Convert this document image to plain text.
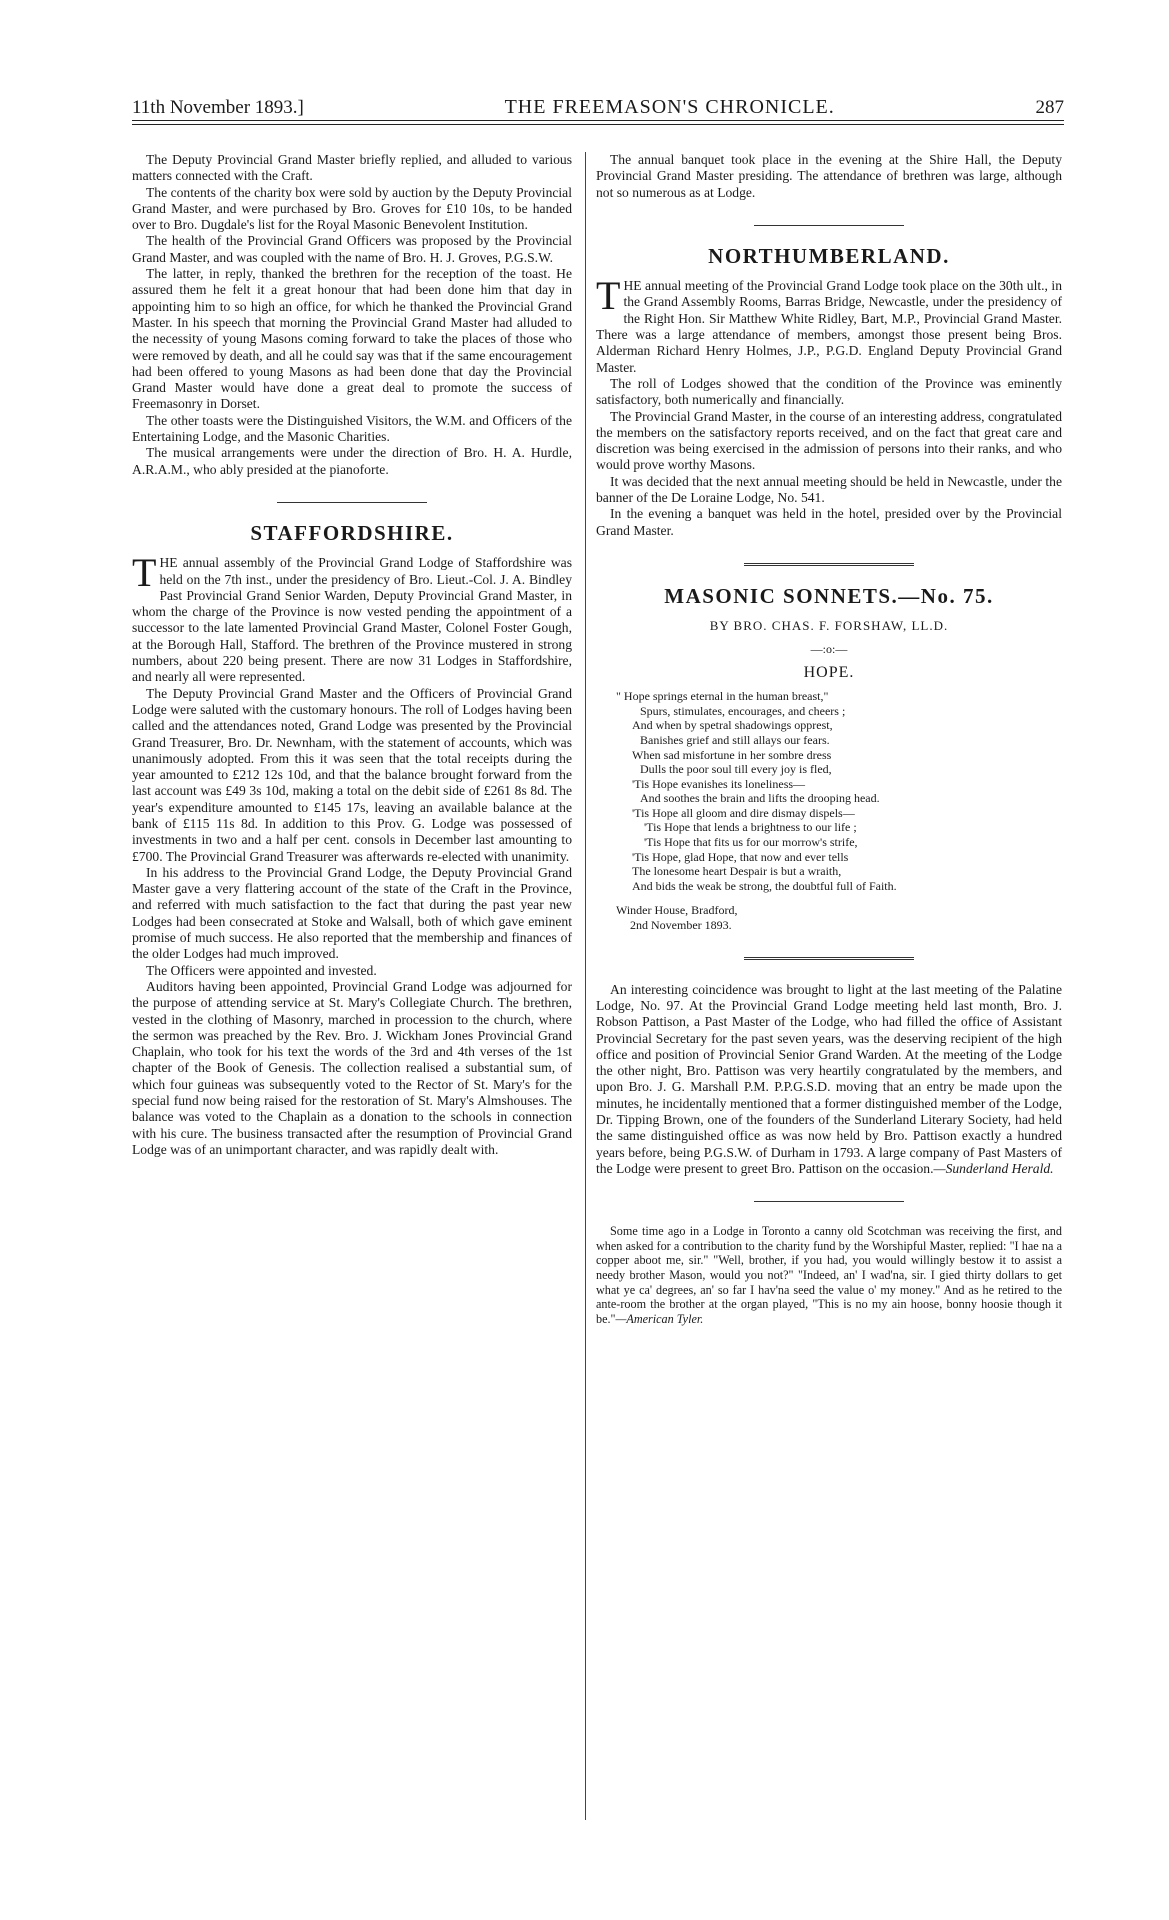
11th November 1893.]	THE FREEMASON'S CHRONICLE.	287

The Deputy Provincial Grand Master briefly replied, and alluded to various matters connected with the Craft.

The contents of the charity box were sold by auction by the Deputy Provincial Grand Master, and were purchased by Bro. Groves for £10 10s, to be handed over to Bro. Dugdale's list for the Royal Masonic Benevolent Institution.

The health of the Provincial Grand Officers was proposed by the Provincial Grand Master, and was coupled with the name of Bro. H. J. Groves, P.G.S.W.

The latter, in reply, thanked the brethren for the reception of the toast. He assured them he felt it a great honour that had been done him that day in appointing him to so high an office, for which he thanked the Provincial Grand Master. In his speech that morning the Provincial Grand Master had alluded to the necessity of young Masons coming forward to take the places of those who were removed by death, and all he could say was that if the same encouragement had been offered to young Masons as had been done that day the Provincial Grand Master would have done a great deal to promote the success of Freemasonry in Dorset.

The other toasts were the Distinguished Visitors, the W.M. and Officers of the Entertaining Lodge, and the Masonic Charities.

The musical arrangements were under the direction of Bro. H. A. Hurdle, A.R.A.M., who ably presided at the pianoforte.

STAFFORDSHIRE.

THE annual assembly of the Provincial Grand Lodge of Staffordshire was held on the 7th inst., under the presidency of Bro. Lieut.-Col. J. A. Bindley Past Provincial Grand Senior Warden, Deputy Provincial Grand Master, in whom the charge of the Province is now vested pending the appointment of a successor to the late lamented Provincial Grand Master, Colonel Foster Gough, at the Borough Hall, Stafford. The brethren of the Province mustered in strong numbers, about 220 being present. There are now 31 Lodges in Staffordshire, and nearly all were represented.

The Deputy Provincial Grand Master and the Officers of Provincial Grand Lodge were saluted with the customary honours. The roll of Lodges having been called and the attendances noted, Grand Lodge was presented by the Provincial Grand Treasurer, Bro. Dr. Newnham, with the statement of accounts, which was unanimously adopted. From this it was seen that the total receipts during the year amounted to £212 12s 10d, and that the balance brought forward from the last account was £49 3s 10d, making a total on the debit side of £261 8s 8d. The year's expenditure amounted to £145 17s, leaving an available balance at the bank of £115 11s 8d. In addition to this Prov. G. Lodge was possessed of investments in two and a half per cent. consols in December last amounting to £700. The Provincial Grand Treasurer was afterwards re-elected with unanimity.

In his address to the Provincial Grand Lodge, the Deputy Provincial Grand Master gave a very flattering account of the state of the Craft in the Province, and referred with much satisfaction to the fact that during the past year new Lodges had been consecrated at Stoke and Walsall, both of which gave eminent promise of much success. He also reported that the membership and finances of the older Lodges had much improved.

The Officers were appointed and invested.

Auditors having been appointed, Provincial Grand Lodge was adjourned for the purpose of attending service at St. Mary's Collegiate Church. The brethren, vested in the clothing of Masonry, marched in procession to the church, where the sermon was preached by the Rev. Bro. J. Wickham Jones Provincial Grand Chaplain, who took for his text the words of the 3rd and 4th verses of the 1st chapter of the Book of Genesis. The collection realised a substantial sum, of which four guineas was subsequently voted to the Rector of St. Mary's for the special fund now being raised for the restoration of St. Mary's Almshouses. The balance was voted to the Chaplain as a donation to the schools in connection with his cure. The business transacted after the resumption of Provincial Grand Lodge was of an unimportant character, and was rapidly dealt with.

The annual banquet took place in the evening at the Shire Hall, the Deputy Provincial Grand Master presiding. The attendance of brethren was large, although not so numerous as at Lodge.

NORTHUMBERLAND.

THE annual meeting of the Provincial Grand Lodge took place on the 30th ult., in the Grand Assembly Rooms, Barras Bridge, Newcastle, under the presidency of the Right Hon. Sir Matthew White Ridley, Bart, M.P., Provincial Grand Master. There was a large attendance of members, amongst those present being Bros. Alderman Richard Henry Holmes, J.P., P.G.D. England Deputy Provincial Grand Master.

The roll of Lodges showed that the condition of the Province was eminently satisfactory, both numerically and financially.

The Provincial Grand Master, in the course of an interesting address, congratulated the members on the satisfactory reports received, and on the fact that great care and discretion was being exercised in the admission of persons into their ranks, and who would prove worthy Masons.

It was decided that the next annual meeting should be held in Newcastle, under the banner of the De Loraine Lodge, No. 541.

In the evening a banquet was held in the hotel, presided over by the Provincial Grand Master.

MASONIC SONNETS.—No. 75.
BY BRO. CHAS. F. FORSHAW, LL.D.
—:o:—
HOPE.
" Hope springs eternal in the human breast,"
Spurs, stimulates, encourages, and cheers ;
And when by spetral shadowings opprest,
Banishes grief and still allays our fears.
When sad misfortune in her sombre dress
Dulls the poor soul till every joy is fled,
'Tis Hope evanishes its loneliness—
And soothes the brain and lifts the drooping head.
'Tis Hope all gloom and dire dismay dispels—
'Tis Hope that lends a brightness to our life ;
'Tis Hope that fits us for our morrow's strife,
'Tis Hope, glad Hope, that now and ever tells
The lonesome heart Despair is but a wraith,
And bids the weak be strong, the doubtful full of Faith.
Winder House, Bradford,
2nd November 1893.

An interesting coincidence was brought to light at the last meeting of the Palatine Lodge, No. 97. At the Provincial Grand Lodge meeting held last month, Bro. J. Robson Pattison, a Past Master of the Lodge, who had filled the office of Assistant Provincial Secretary for the past seven years, was the deserving recipient of the high office and position of Provincial Senior Grand Warden. At the meeting of the Lodge the other night, Bro. Pattison was very heartily congratulated by the members, and upon Bro. J. G. Marshall P.M. P.P.G.S.D. moving that an entry be made upon the minutes, he incidentally mentioned that a former distinguished member of the Lodge, Dr. Tipping Brown, one of the founders of the Sunderland Literary Society, had held the same distinguished office as was now held by Bro. Pattison exactly a hundred years before, being P.G.S.W. of Durham in 1793. A large company of Past Masters of the Lodge were present to greet Bro. Pattison on the occasion.—Sunderland Herald.

Some time ago in a Lodge in Toronto a canny old Scotchman was receiving the first, and when asked for a contribution to the charity fund by the Worshipful Master, replied: "I hae na a copper aboot me, sir." "Well, brother, if you had, you would willingly bestow it to assist a needy brother Mason, would you not?" "Indeed, an' I wad'na, sir. I gied thirty dollars to get what ye ca' degrees, an' so far I hav'na seed the value o' my money." And as he retired to the ante-room the brother at the organ played, "This is no my ain hoose, bonny hoosie though it be."—American Tyler.
